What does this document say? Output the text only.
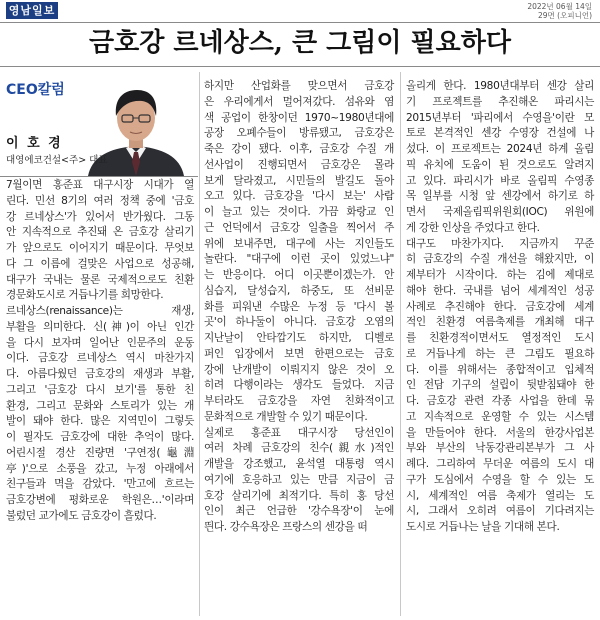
영남일보	2022년 06월 14일
29면 (오피니언)
금호강 르네상스, 큰 그림이 필요하다
CEO칼럼
이 호 경
대영에코건설<주> 대표
7월이면 홍준표 대구시장 시대가 열
린다. 민선 8기의 여러 정책 중에 '금호
강 르네상스'가 있어서 반가웠다. 그동
안 지속적으로 추진돼 온 금호강 살리기
가 앞으로도 이어지기 때문이다. 무엇보
다 그 이름에 걸맞은 사업으로 성공해,
대구가 국내는 물론 국제적으로도 친환
경문화도시로 거듭나기를 희망한다.
르네상스(renaissance)는 재생,
부활을 의미한다. 신(神)이 아닌 인간
을 다시 보자며 일어난 인문주의 운동
이다. 금호강 르네상스 역시 마찬가지
다. 아름다웠던 금호강의 재생과 부활,
그리고 '금호강 다시 보기'를 통한 친
환경, 그리고 문화와 스토리가 있는 개
발이 돼야 한다. 많은 지역민이 그렇듯
이 필자도 금호강에 대한 추억이 많다.
어린시절 경산 진량면 '구연정(龜淵
亭)'으로 소풍을 갔고, 누정 아래에서
친구들과 멱을 감았다. '만고에 흐르는
금호강변에 평화로운 학원은…'이라며
불렀던 교가에도 금호강이 흘렀다.
하지만 산업화를 맞으면서 금호강
은 우리에게서 멀어져갔다. 섬유와 염
색 공업이 한창이던 1970~1980년대에
공장 오폐수들이 방류됐고, 금호강은
죽은 강이 됐다. 이후, 금호강 수질 개
선사업이 진행되면서 금호강은 몰라
보게 달라졌고, 시민들의 발길도 돌아
오고 있다. 금호강을 '다시 보는' 사람
이 늘고 있는 것이다. 가끔 화랑교 인
근 언덕에서 금호강 일출을 찍어서 주
위에 보내주면, 대구에 사는 지인들도
놀란다. "대구에 이런 곳이 있었느냐"
는 반응이다. 어디 이곳뿐이겠는가. 안
심습지, 달성습지, 하중도, 또 선비문
화를 피워낸 수많은 누정 등 '다시 볼
곳'이 하나둘이 아니다. 금호강 오염의
지난날이 안타깝기도 하지만, 디벨로
퍼인 입장에서 보면 한편으로는 금호
강에 난개발이 이뤄지지 않은 것이 오
히려 다행이라는 생각도 들었다. 지금
부터라도 금호강을 자연 친화적이고
문화적으로 개발할 수 있기 때문이다.
실제로 홍준표 대구시장 당선인이
여러 차례 금호강의 친수(親水)적인
개발을 강조했고, 윤석열 대통령 역시
여기에 호응하고 있는 만큼 지금이 금
호강 살리기에 최적기다. 특히 홍 당선
인이 최근 언급한 '강수욕장'이 눈에
띈다. 강수욕장은 프랑스의 센강을 떠
올리게 한다. 1980년대부터 센강 살리
기 프로젝트를 추진해온 파리시는
2015년부터 '파리에서 수영을'이란 모
토로 본격적인 센강 수영장 건설에 나
섰다. 이 프로젝트는 2024년 하계 올림
픽 유치에 도움이 된 것으로도 알려지
고 있다. 파리시가 바로 올림픽 수영종
목 일부를 시청 앞 센강에서 하기로 하
면서 국제올림픽위원회(IOC) 위원에
게 강한 인상을 주었다고 한다.
대구도 마찬가지다. 지금까지 꾸준
히 금호강의 수질 개선을 해왔지만, 이
제부터가 시작이다. 하는 김에 제대로
해야 한다. 국내를 넘어 세계적인 성공
사례로 추진해야 한다. 금호강에 세계
적인 친환경 여름축제를 개최해 대구
를 친환경적이면서도 열정적인 도시
로 거듭나게 하는 큰 그림도 필요하
다. 이를 위해서는 종합적이고 입체적
인 전담 기구의 설립이 뒷받침돼야 한
다. 금호강 관련 각종 사업을 한데 묶
고 지속적으로 운영할 수 있는 시스템
을 만들어야 한다. 서울의 한강사업본
부와 부산의 낙동강관리본부가 그 사
례다. 그리하여 무더운 여름의 도시 대
구가 도심에서 수영을 할 수 있는 도
시, 세계적인 여름 축제가 열리는 도
시, 그래서 오히려 여름이 기다려지는
도시로 거듭나는 날을 기대해 본다.
